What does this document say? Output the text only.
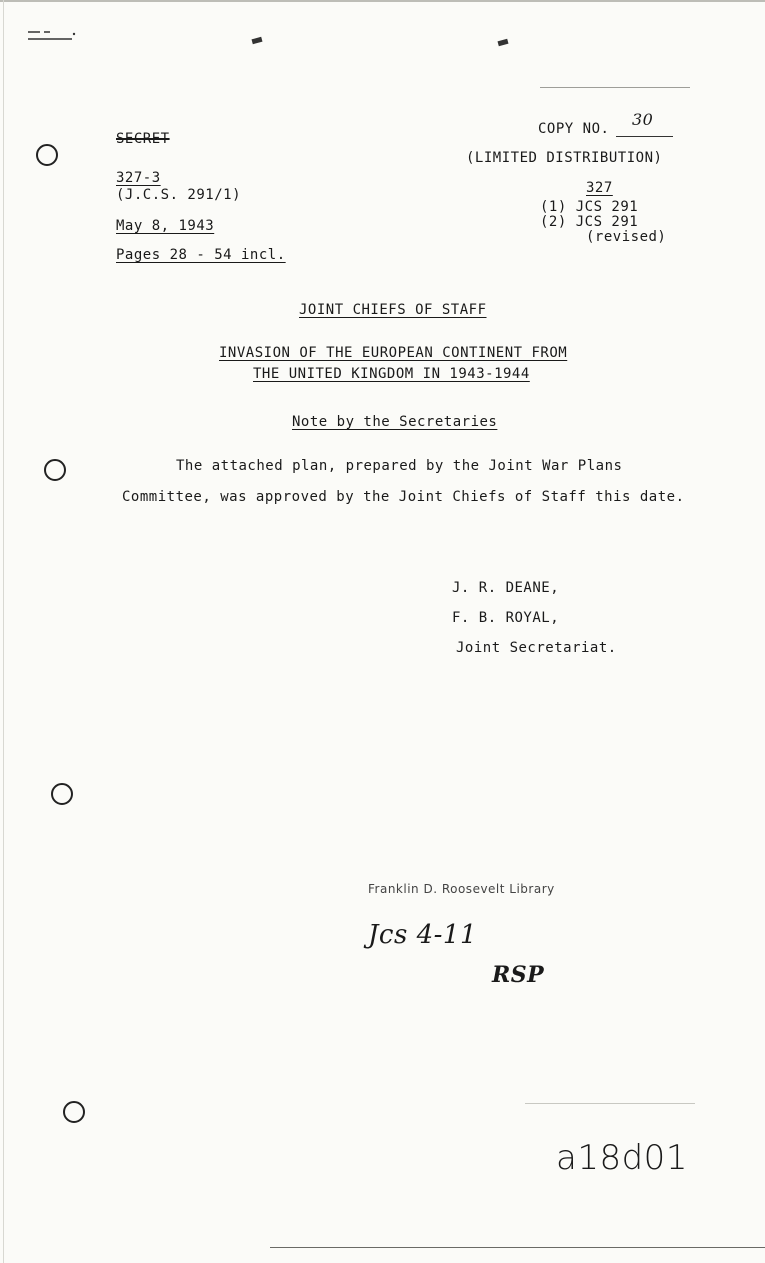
SECRET
COPY NO. 30
(LIMITED DISTRIBUTION)
327-3
(J.C.S. 291/1)
May 8, 1943
Pages 28 - 54 incl.
327
(1) JCS 291
(2) JCS 291
(revised)
JOINT CHIEFS OF STAFF
INVASION OF THE EUROPEAN CONTINENT FROM
THE UNITED KINGDOM IN 1943-1944
Note by the Secretaries
The attached plan, prepared by the Joint War Plans
Committee, was approved by the Joint Chiefs of Staff this date.
J. R. DEANE,
F. B. ROYAL,
Joint Secretariat.
Franklin D. Roosevelt Library
Jcs 4-11
RSP
a18d01
